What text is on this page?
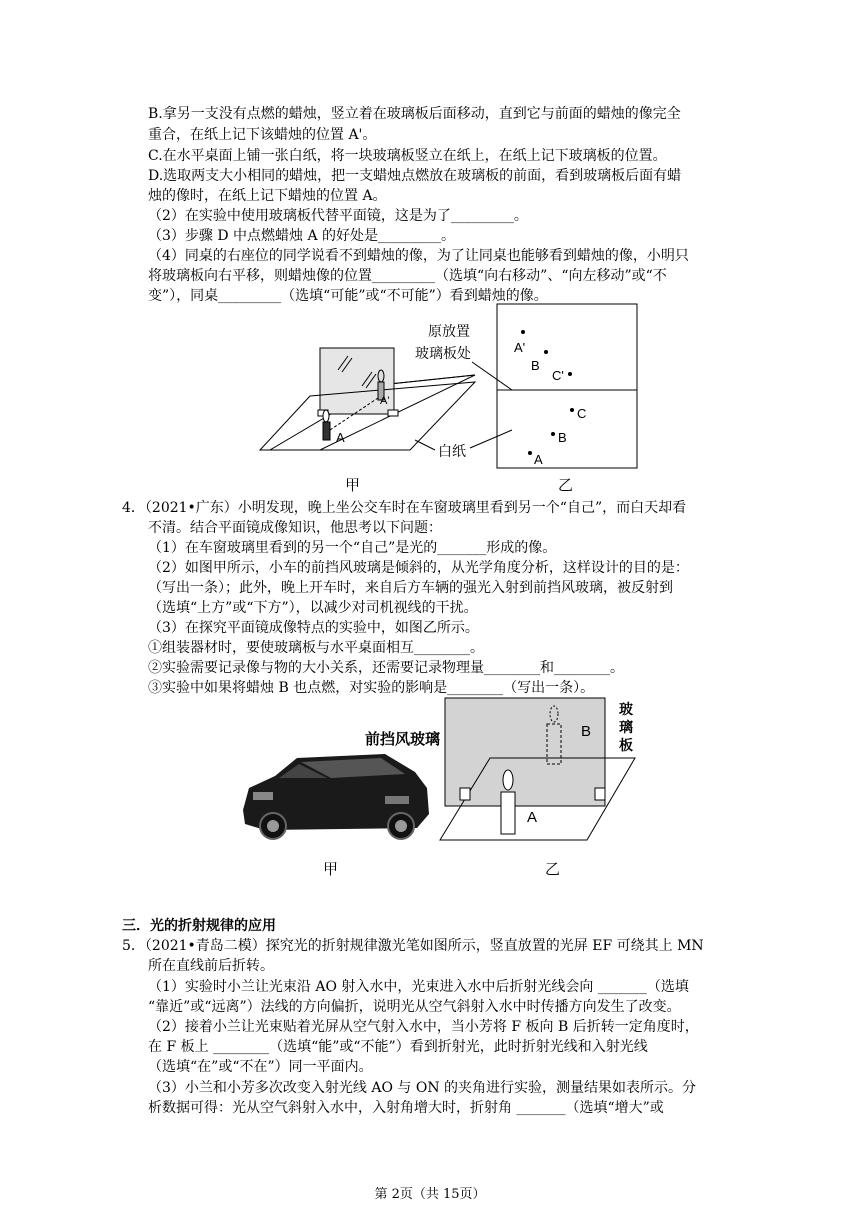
B.拿另一支没有点燃的蜡烛，竖立着在玻璃板后面移动，直到它与前面的蜡烛的像完全
重合，在纸上记下该蜡烛的位置 A'。
C.在水平桌面上铺一张白纸，将一块玻璃板竖立在纸上，在纸上记下玻璃板的位置。
D.选取两支大小相同的蜡烛，把一支蜡烛点燃放在玻璃板的前面，看到玻璃板后面有蜡
烛的像时，在纸上记下蜡烛的位置 A。
（2）在实验中使用玻璃板代替平面镜，这是为了_________。
（3）步骤 D 中点燃蜡烛 A 的好处是_________。
（4）同桌的右座位的同学说看不到蜡烛的像，为了让同桌也能够看到蜡烛的像，小明只
将玻璃板向右平移，则蜡烛像的位置_________（选填“向右移动”、“向左移动”或“不
变”），同桌_________（选填“可能”或“不可能”）看到蜡烛的像。
A
A'
原放置
玻璃板处
白纸
A'
B
C'
C
B
A
甲	乙
4．（2021•广东）小明发现，晚上坐公交车时在车窗玻璃里看到另一个“自己”，而白天却看
不清。结合平面镜成像知识，他思考以下问题：
（1）在车窗玻璃里看到的另一个“自己”是光的_______形成的像。
（2）如图甲所示，小车的前挡风玻璃是倾斜的，从光学角度分析，这样设计的目的是：
（写出一条）；此外，晚上开车时，来自后方车辆的强光入射到前挡风玻璃，被反射到
（选填“上方”或“下方”），以减少对司机视线的干扰。
（3）在探究平面镜成像特点的实验中，如图乙所示。
①组装器材时，要使玻璃板与水平桌面相互________。
②实验需要记录像与物的大小关系，还需要记录物理量________和________。
③实验中如果将蜡烛 B 也点燃，对实验的影响是________（写出一条）。
前挡风玻璃	B
A
玻
璃
板
甲	乙
三．光的折射规律的应用
5．（2021•青岛二模）探究光的折射规律激光笔如图所示，竖直放置的光屏 EF 可绕其上 MN
所在直线前后折转。
（1）实验时小兰让光束沿 AO 射入水中，光束进入水中后折射光线会向 _______（选填
“靠近”或“远离”）法线的方向偏折，说明光从空气斜射入水中时传播方向发生了改变。
（2）接着小兰让光束贴着光屏从空气射入水中，当小芳将 F 板向 B 后折转一定角度时，
在 F 板上 ________（选填“能”或“不能”）看到折射光，此时折射光线和入射光线
（选填“在”或“不在”）同一平面内。
（3）小兰和小芳多次改变入射光线 AO 与 ON 的夹角进行实验，测量结果如表所示。分
析数据可得：光从空气斜射入水中，入射角增大时，折射角 _______（选填“增大”或
第 2页（共 15页）
